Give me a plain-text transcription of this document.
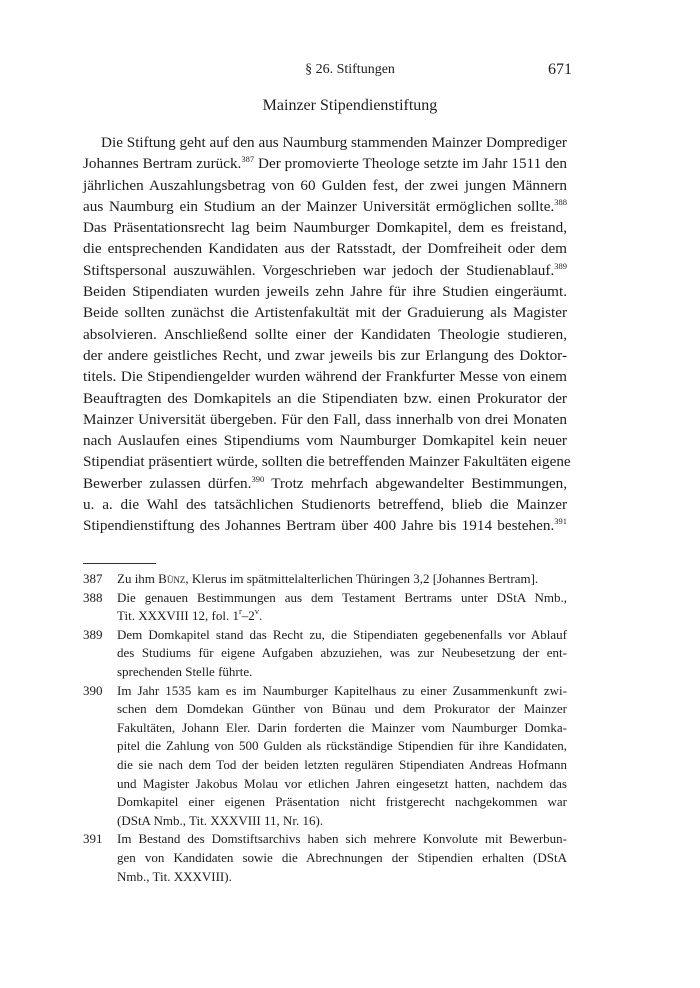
§ 26. Stiftungen	671
Mainzer Stipendienstiftung
Die Stiftung geht auf den aus Naumburg stammenden Mainzer Domprediger
Johannes Bertram zurück.$^{387}$ Der promovierte Theologe setzte im Jahr 1511 den
jährlichen Auszahlungsbetrag von 60 Gulden fest, der zwei jungen Männern
aus Naumburg ein Studium an der Mainzer Universität ermöglichen sollte.$^{388}$
Das Präsentationsrecht lag beim Naumburger Domkapitel, dem es freistand,
die entsprechenden Kandidaten aus der Ratsstadt, der Domfreiheit oder dem
Stiftspersonal auszuwählen. Vorgeschrieben war jedoch der Studienablauf.$^{389}$
Beiden Stipendiaten wurden jeweils zehn Jahre für ihre Studien eingeräumt.
Beide sollten zunächst die Artistenfakultät mit der Graduierung als Magister
absolvieren. Anschließend sollte einer der Kandidaten Theologie studieren,
der andere geistliches Recht, und zwar jeweils bis zur Erlangung des Doktor-
titels. Die Stipendiengelder wurden während der Frankfurter Messe von einem
Beauftragten des Domkapitels an die Stipendiaten bzw. einen Prokurator der
Mainzer Universität übergeben. Für den Fall, dass innerhalb von drei Monaten
nach Auslaufen eines Stipendiums vom Naumburger Domkapitel kein neuer
Stipendiat präsentiert würde, sollten die betreffenden Mainzer Fakultäten eigene
Bewerber zulassen dürfen.$^{390}$ Trotz mehrfach abgewandelter Bestimmungen,
u. a. die Wahl des tatsächlichen Studienorts betreffend, blieb die Mainzer
Stipendienstiftung des Johannes Bertram über 400 Jahre bis 1914 bestehen.$^{391}$
387	Zu ihm Bünz, Klerus im spätmittelalterlichen Thüringen 3,2 [Johannes Bertram].
388	Die genauen Bestimmungen aus dem Testament Bertrams unter DStA Nmb.,
Tit. XXXVIII 12, fol. 1$^r$–2$^v$.
389	Dem Domkapitel stand das Recht zu, die Stipendiaten gegebenenfalls vor Ablauf
des Studiums für eigene Aufgaben abzuziehen, was zur Neubesetzung der ent-
sprechenden Stelle führte.
390	Im Jahr 1535 kam es im Naumburger Kapitelhaus zu einer Zusammenkunft zwi-
schen dem Domdekan Günther von Bünau und dem Prokurator der Mainzer
Fakultäten, Johann Eler. Darin forderten die Mainzer vom Naumburger Domka-
pitel die Zahlung von 500 Gulden als rückständige Stipendien für ihre Kandidaten,
die sie nach dem Tod der beiden letzten regulären Stipendiaten Andreas Hofmann
und Magister Jakobus Molau vor etlichen Jahren eingesetzt hatten, nachdem das
Domkapitel einer eigenen Präsentation nicht fristgerecht nachgekommen war
(DStA Nmb., Tit. XXXVIII 11, Nr. 16).
391	Im Bestand des Domstiftsarchivs haben sich mehrere Konvolute mit Bewerbun-
gen von Kandidaten sowie die Abrechnungen der Stipendien erhalten (DStA
Nmb., Tit. XXXVIII).
